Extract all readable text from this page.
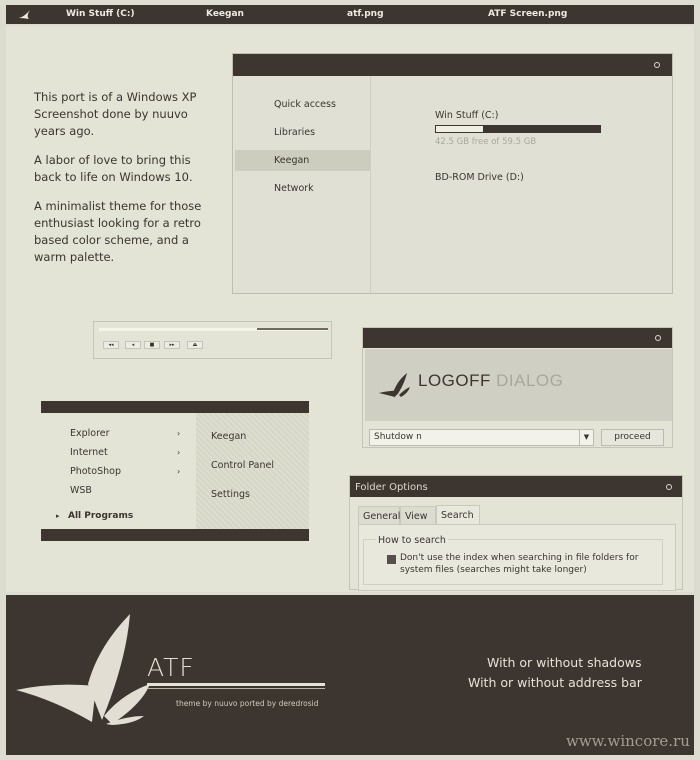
Win Stuff (C:)	Keegan	atf.png	ATF Screen.png

This port is of a Windows XP Screenshot done by nuuvo years ago.

A labor of love to bring this back to life on Windows 10.

A minimalist theme for those enthusiast looking for a retro based color scheme, and a warm palette.

Quick access
Libraries
Keegan
Network
Win Stuff (C:)
42.5 GB free of 59.5 GB
BD-ROM Drive (D:)
◂◂	◂	■	▸▸	⏏
LOGOFF DIALOG
Shutdow n	▼	proceed
Explorer	›
Internet	›
PhotoShop	›
WSB
▸ All Programs
Keegan
Control Panel
Settings
Folder Options
General View	Search
How to search
Don't use the index when searching in file folders for system files (searches might take longer)
ATF
theme by nuuvo ported by deredrosid
With or without shadows
With or without address bar
www.wincore.ru
